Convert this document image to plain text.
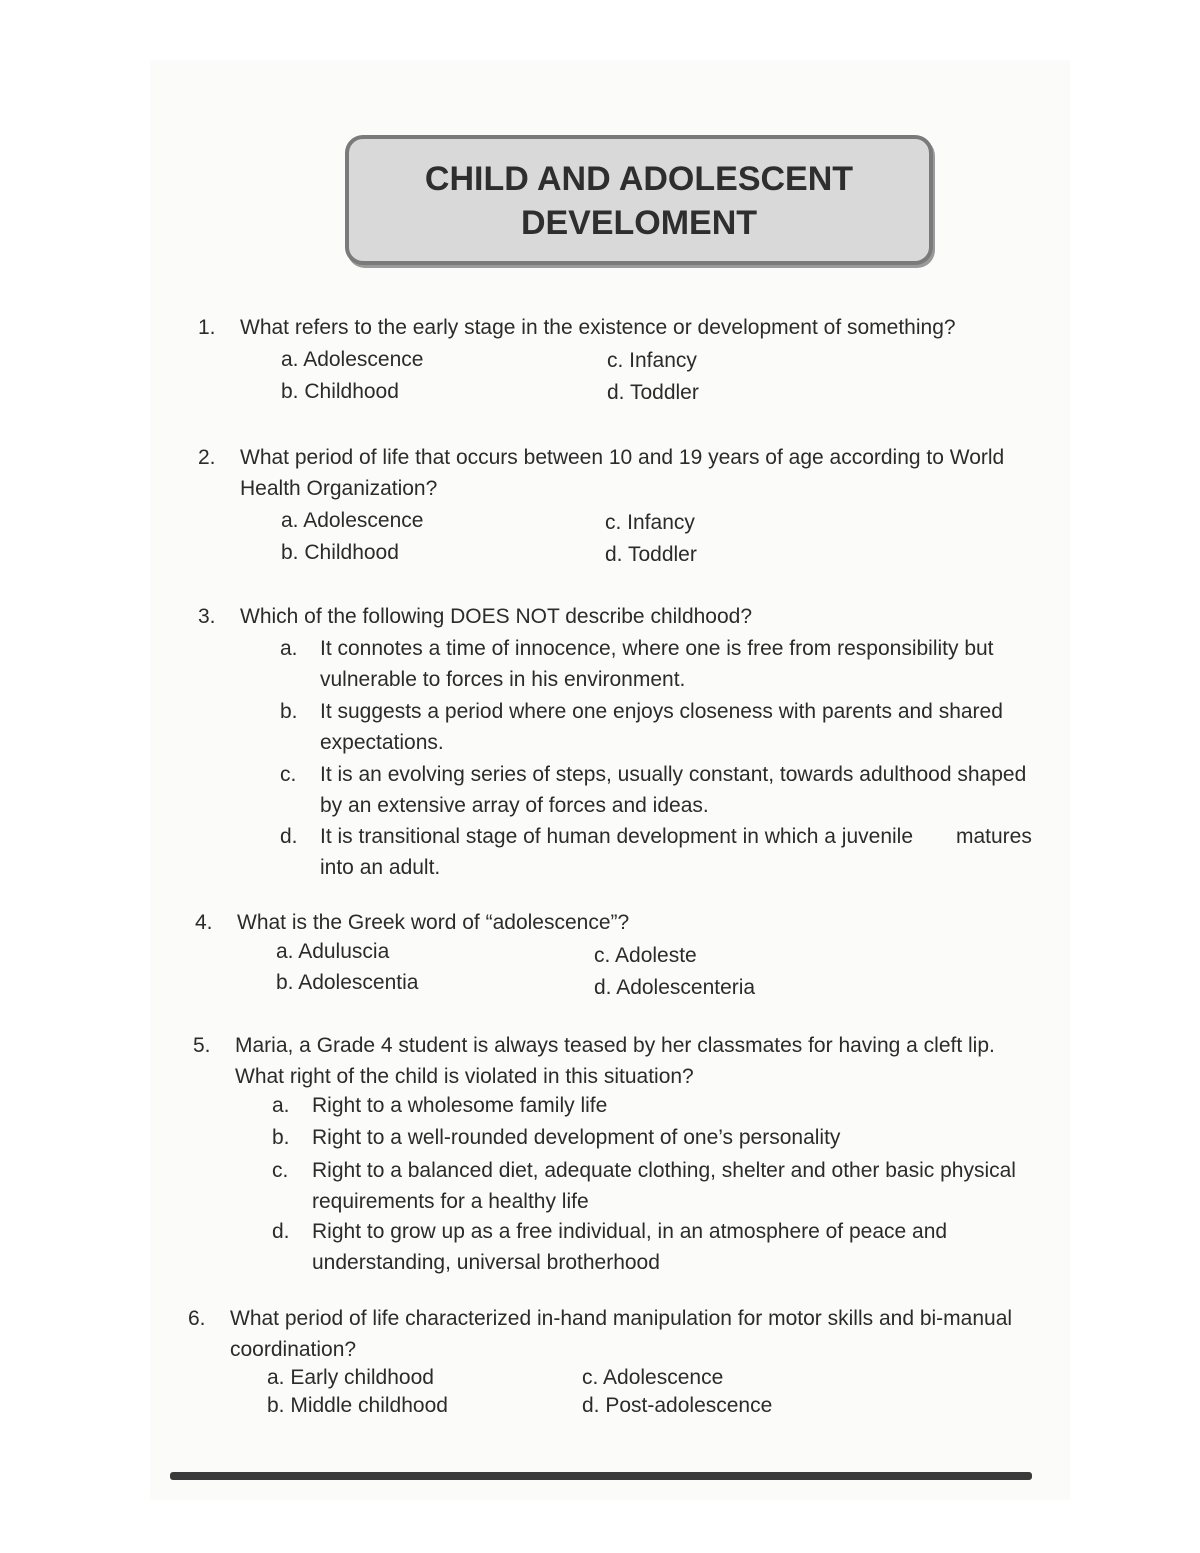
CHILD AND ADOLESCENT
DEVELOMENT
1.	What refers to the early stage in the existence or development of something?
a. Adolescence
b. Childhood
c. Infancy
d. Toddler
2.	What period of life that occurs between 10 and 19 years of age according to World
Health Organization?
a. Adolescence
b. Childhood
c. Infancy
d. Toddler
3.	Which of the following DOES NOT describe childhood?
a. It connotes a time of innocence, where one is free from responsibility but
vulnerable to forces in his environment.
b. It suggests a period where one enjoys closeness with parents and shared
expectations.
c. It is an evolving series of steps, usually constant, towards adulthood shaped
by an extensive array of forces and ideas.
d. It is transitional stage of human development in which a juvenile matures
into an adult.
4.	What is the Greek word of “adolescence”?
a. Aduluscia
b. Adolescentia
c. Adoleste
d. Adolescenteria
5.	Maria, a Grade 4 student is always teased by her classmates for having a cleft lip.
What right of the child is violated in this situation?
a. Right to a wholesome family life
b. Right to a well-rounded development of one’s personality
c. Right to a balanced diet, adequate clothing, shelter and other basic physical
requirements for a healthy life
d. Right to grow up as a free individual, in an atmosphere of peace and
understanding, universal brotherhood
6.	What period of life characterized in-hand manipulation for motor skills and bi-manual
coordination?
a. Early childhood
b. Middle childhood
c. Adolescence
d. Post-adolescence
